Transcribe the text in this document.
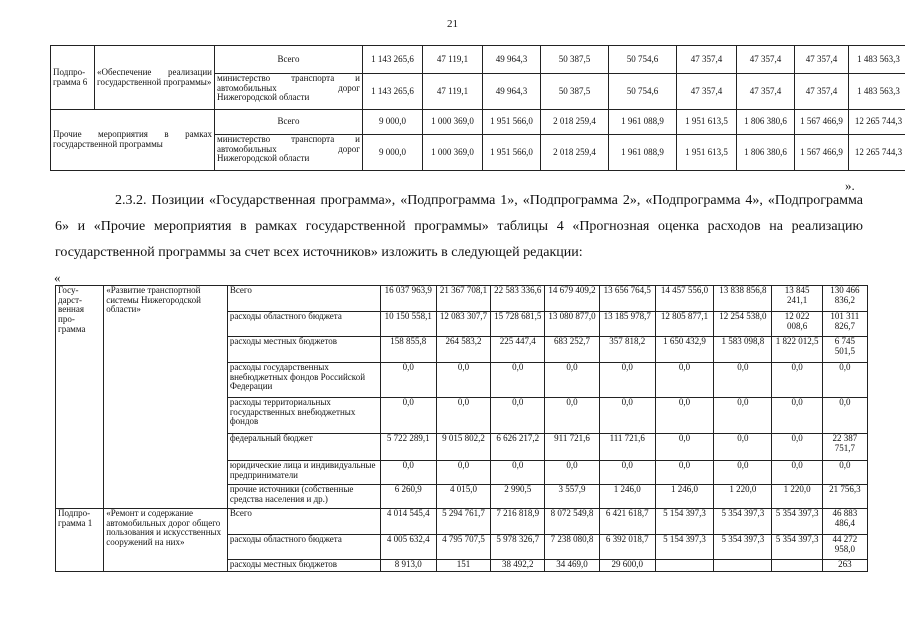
21
Подпро-грамма 6	«Обеспечение реализации государственной программы»	Всего	1 143 265,6	47 119,1	49 964,3	50 387,5	50 754,6	47 357,4	47 357,4	47 357,4	1 483 563,3
		министерство транспорта и автомобильных дорог Нижегородской области	1 143 265,6	47 119,1	49 964,3	50 387,5	50 754,6	47 357,4	47 357,4	47 357,4	1 483 563,3
Прочие мероприятия в рамках государственной программы		Всего	9 000,0	1 000 369,0	1 951 566,0	2 018 259,4	1 961 088,9	1 951 613,5	1 806 380,6	1 567 466,9	12 265 744,3
		министерство транспорта и автомобильных дорог Нижегородской области	9 000,0	1 000 369,0	1 951 566,0	2 018 259,4	1 961 088,9	1 951 613,5	1 806 380,6	1 567 466,9	12 265 744,3
».
2.3.2. Позиции «Государственная программа», «Подпрограмма 1», «Подпрограмма 2», «Подпрограмма 4», «Подпрограмма 6» и «Прочие мероприятия в рамках государственной программы» таблицы 4 «Прогнозная оценка расходов на реализацию государственной программы за счет всех источников» изложить в следующей редакции:
«
Госу-дарст-венная про-грамма	«Развитие транспортной системы Нижегородской области»	Всего	16 037 963,9	21 367 708,1	22 583 336,6	14 679 409,2	13 656 764,5	14 457 556,0	13 838 856,8	13 845 241,1	130 466 836,2
		расходы областного бюджета	10 150 558,1	12 083 307,7	15 728 681,5	13 080 877,0	13 185 978,7	12 805 877,1	12 254 538,0	12 022 008,6	101 311 826,7
		расходы местных бюджетов	158 855,8	264 583,2	225 447,4	683 252,7	357 818,2	1 650 432,9	1 583 098,8	1 822 012,5	6 745 501,5
		расходы государственных внебюджетных фондов Российской Федерации	0,0	0,0	0,0	0,0	0,0	0,0	0,0	0,0	0,0
		расходы территориальных государственных внебюджетных фондов	0,0	0,0	0,0	0,0	0,0	0,0	0,0	0,0	0,0
		федеральный бюджет	5 722 289,1	9 015 802,2	6 626 217,2	911 721,6	111 721,6	0,0	0,0	0,0	22 387 751,7
		юридические лица и индивидуальные предприниматели	0,0	0,0	0,0	0,0	0,0	0,0	0,0	0,0	0,0
		прочие источники (собственные средства населения и др.)	6 260,9	4 015,0	2 990,5	3 557,9	1 246,0	1 246,0	1 220,0	1 220,0	21 756,3
Подпро-грамма 1	«Ремонт и содержание автомобильных дорог общего пользования и искусственных сооружений на них»	Всего	4 014 545,4	5 294 761,7	7 216 818,9	8 072 549,8	6 421 618,7	5 154 397,3	5 354 397,3	5 354 397,3	46 883 486,4
		расходы областного бюджета	4 005 632,4	4 795 707,5	5 978 326,7	7 238 080,8	6 392 018,7	5 154 397,3	5 354 397,3	5 354 397,3	44 272 958,0
		расходы местных бюджетов	8 913,0	151	38 492,2	34 469,0	29 600,0				263
